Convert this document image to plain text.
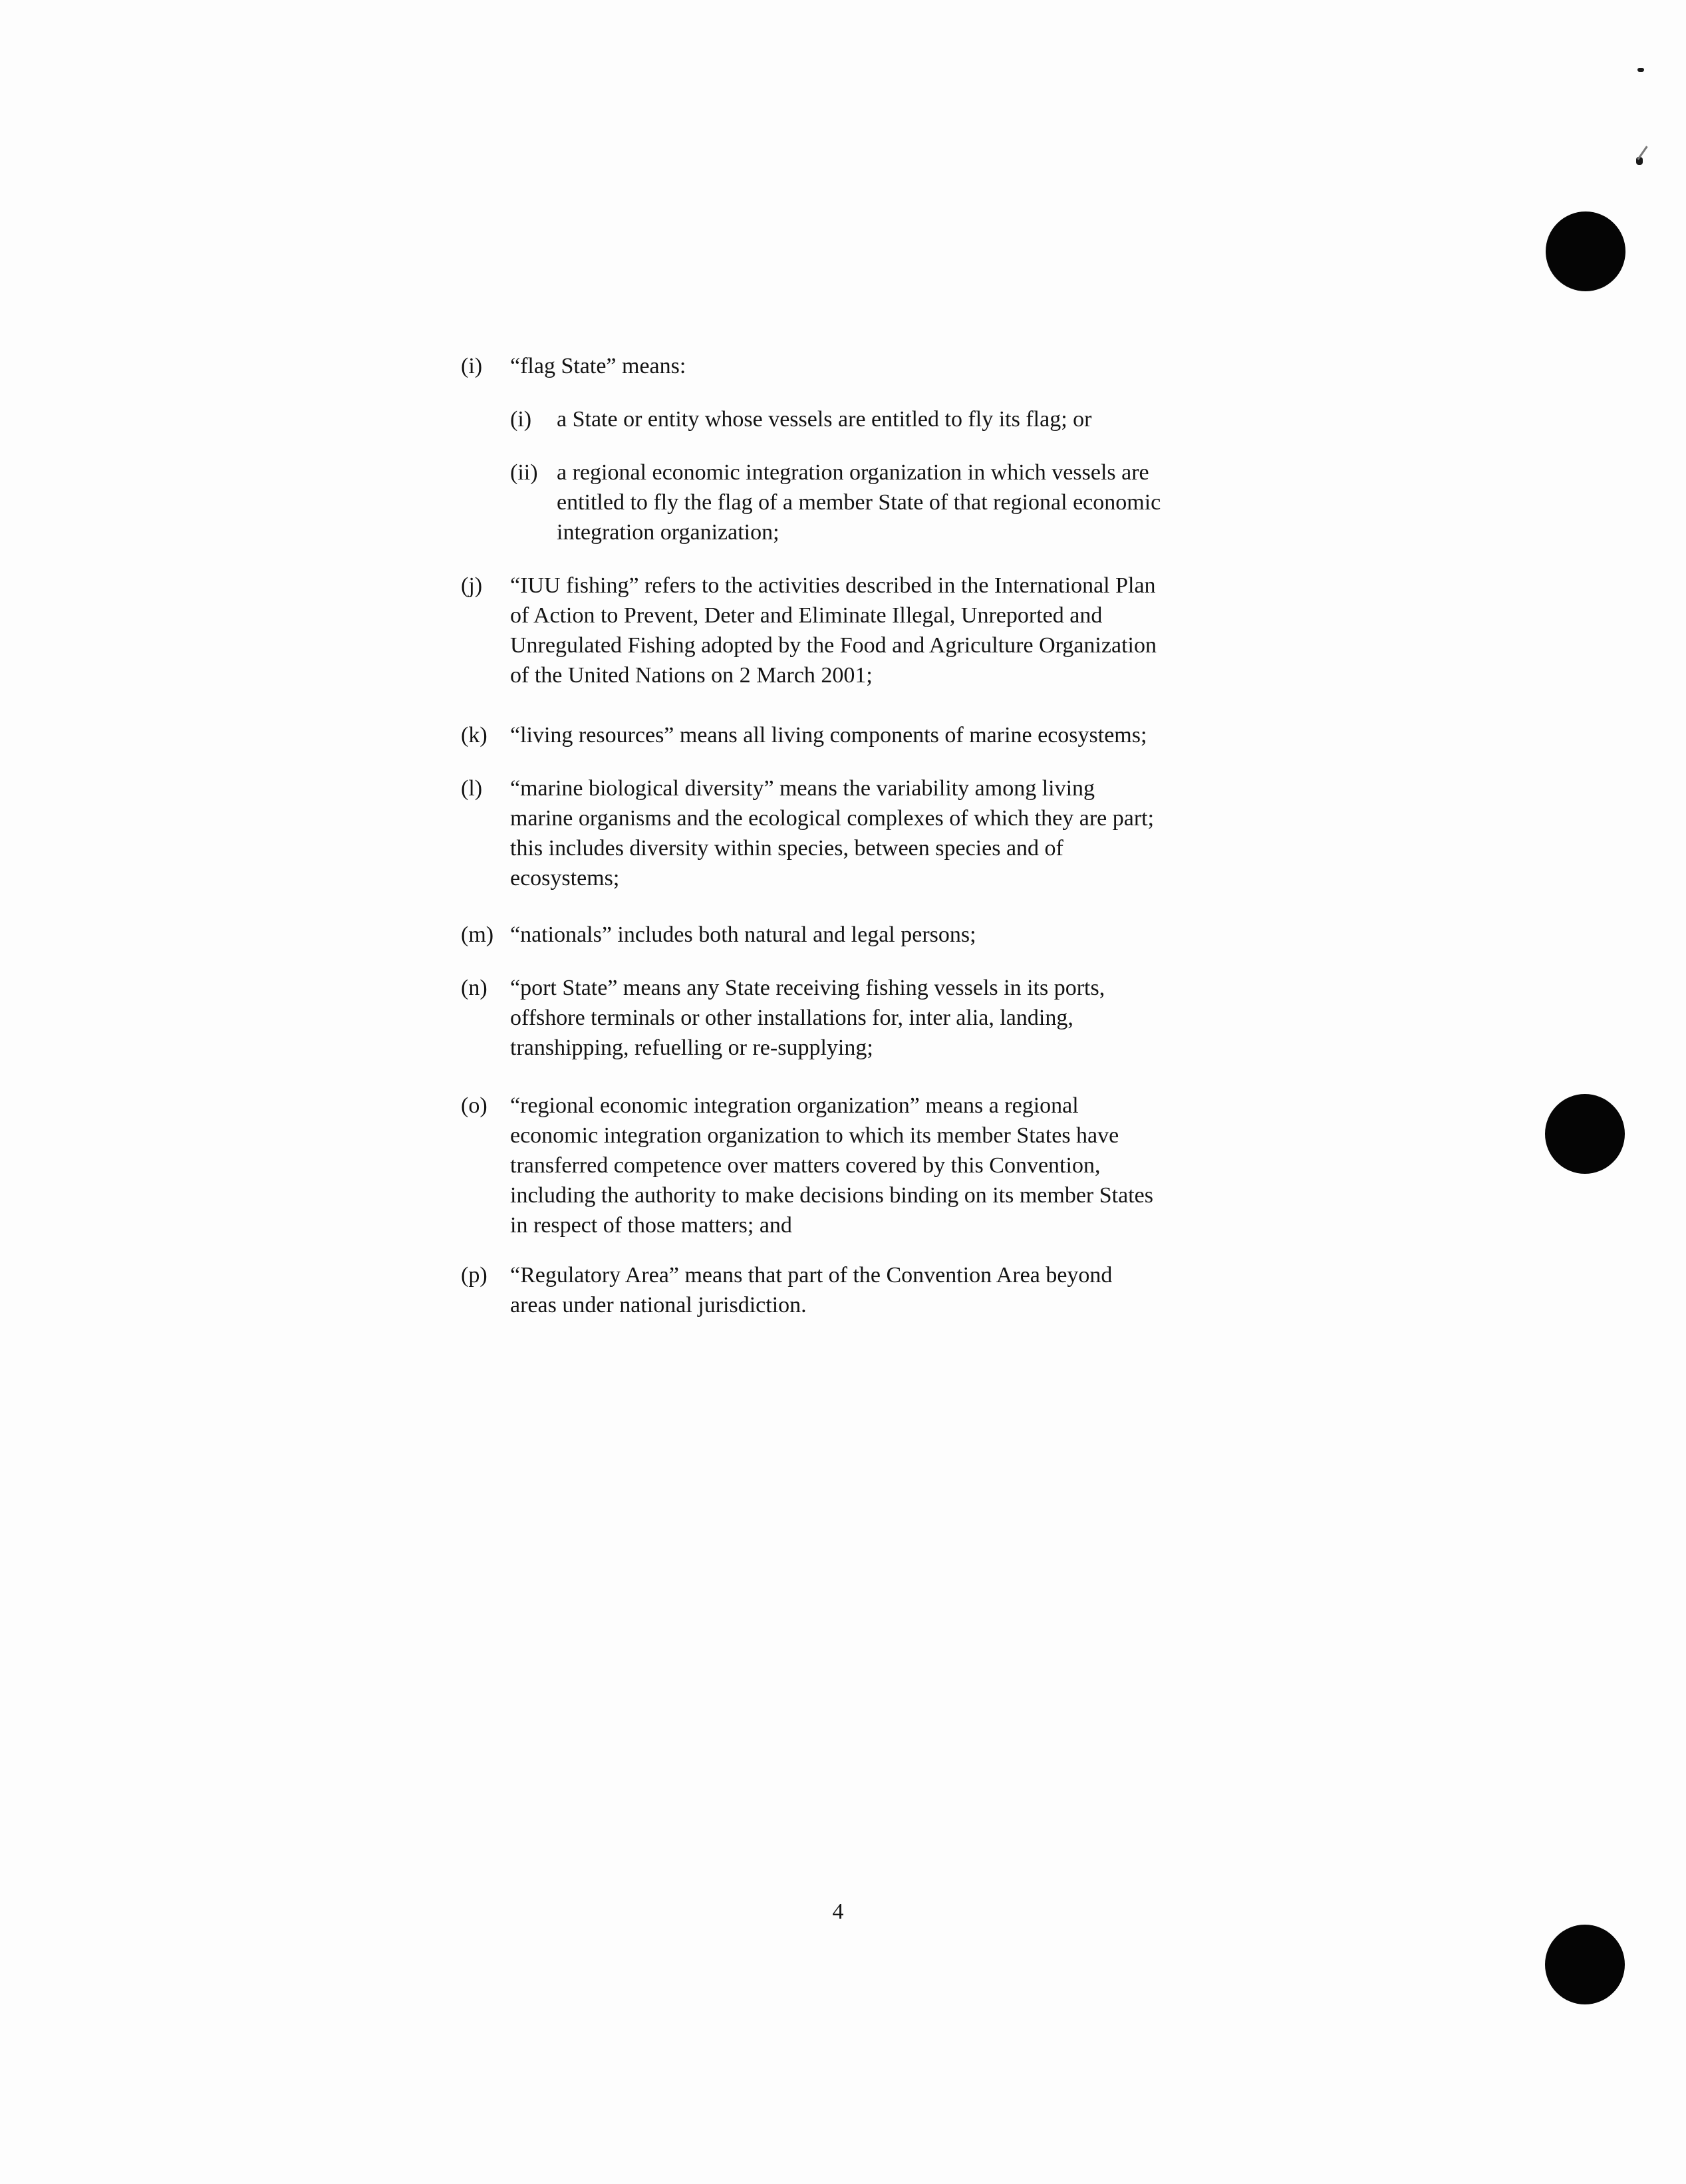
(i) “flag State” means:
(i) a State or entity whose vessels are entitled to fly its flag; or
(ii) a regional economic integration organization in which vessels are
entitled to fly the flag of a member State of that regional economic
integration organization;
(j) “IUU fishing” refers to the activities described in the International Plan
of Action to Prevent, Deter and Eliminate Illegal, Unreported and
Unregulated Fishing adopted by the Food and Agriculture Organization
of the United Nations on 2 March 2001;
(k) “living resources” means all living components of marine ecosystems;
(l) “marine biological diversity” means the variability among living
marine organisms and the ecological complexes of which they are part;
this includes diversity within species, between species and of
ecosystems;
(m) “nationals” includes both natural and legal persons;
(n) “port State” means any State receiving fishing vessels in its ports,
offshore terminals or other installations for, inter alia, landing,
transhipping, refuelling or re-supplying;
(o) “regional economic integration organization” means a regional
economic integration organization to which its member States have
transferred competence over matters covered by this Convention,
including the authority to make decisions binding on its member States
in respect of those matters; and
(p) “Regulatory Area” means that part of the Convention Area beyond
areas under national jurisdiction.
4
